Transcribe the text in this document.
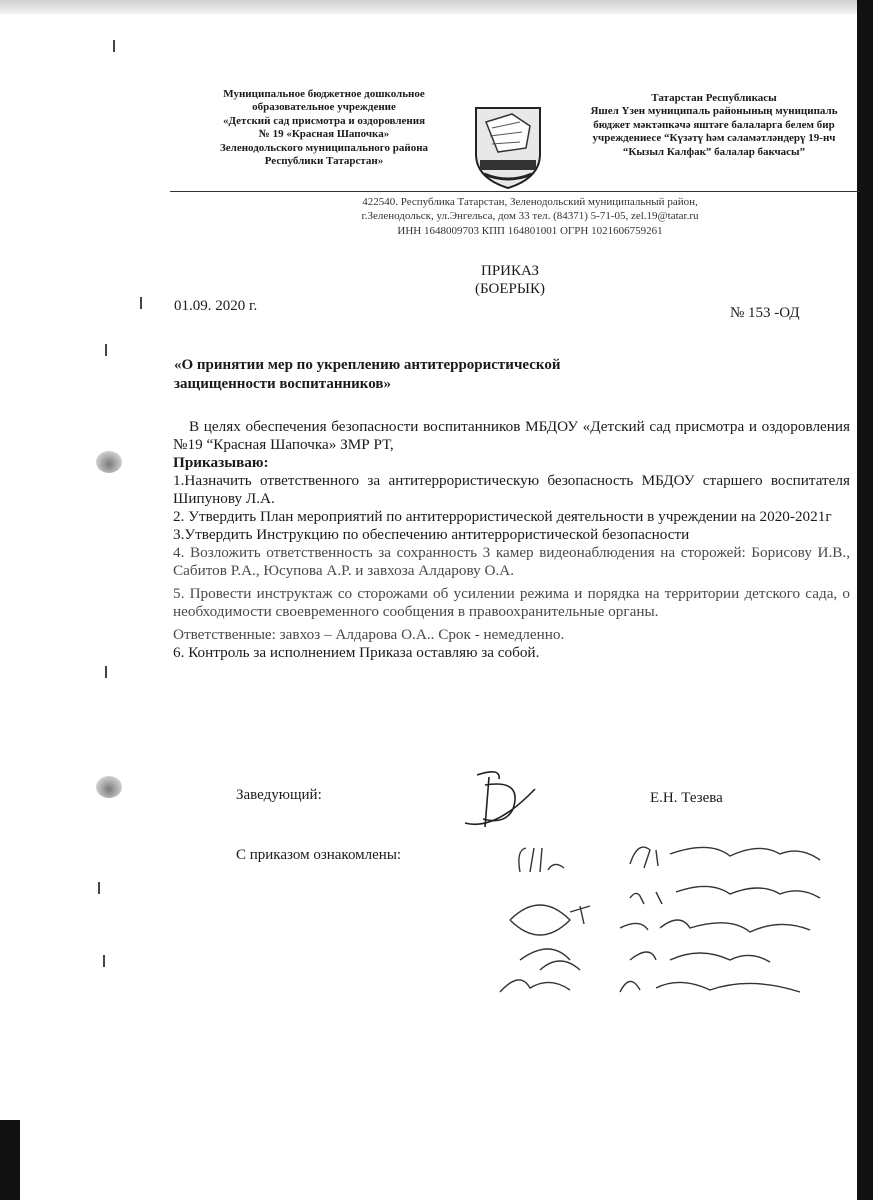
Муниципальное бюджетное дошкольное
образовательное учреждение
«Детский сад присмотра и оздоровления
№ 19 «Красная Шапочка»
Зеленодольского муниципального района
Республики Татарстан»
Татарстан Республикасы
Яшел Үзен муниципаль районының муниципаль
бюджет мәктәпкәчә яштәге балаларга белем бир
учреждениесе “Күзәтү һәм сәламәтләндерү 19-нч
“Кызыл Калфак” балалар бакчасы”
422540. Республика Татарстан, Зеленодольский муниципальный район,
г.Зеленодольск, ул.Энгельса, дом 33 тел. (84371) 5-71-05, zel.19@tatar.ru
ИНН 1648009703 КПП 164801001 ОГРН 1021606759261
ПРИКАЗ
(БОЕРЫК)
01.09. 2020 г.	№ 153 -ОД
«О принятии мер по укреплению антитеррористической защищенности воспитанников»

В целях обеспечения безопасности воспитанников МБДОУ «Детский сад присмотра и оздоровления №19 “Красная Шапочка» ЗМР РТ,

Приказываю:

1.Назначить ответственного за антитеррористическую безопасность МБДОУ старшего воспитателя Шипунову Л.А.

2. Утвердить План мероприятий по антитеррористической деятельности в учреждении на 2020-2021г

3.Утвердить Инструкцию по обеспечению антитеррористической безопасности

4. Возложить ответственность за сохранность 3 камер видеонаблюдения на сторожей: Борисову И.В., Сабитов Р.А., Юсупова А.Р. и завхоза Алдарову О.А.

5. Провести инструктаж со сторожами об усилении режима и порядка на территории детского сада, о необходимости своевременного сообщения в правоохранительные органы.

Ответственные: завхоз – Алдарова О.А.. Срок - немедленно.

6. Контроль за исполнением Приказа оставляю за собой.

Заведующий:	Е.Н. Тезева
С приказом ознакомлены:
